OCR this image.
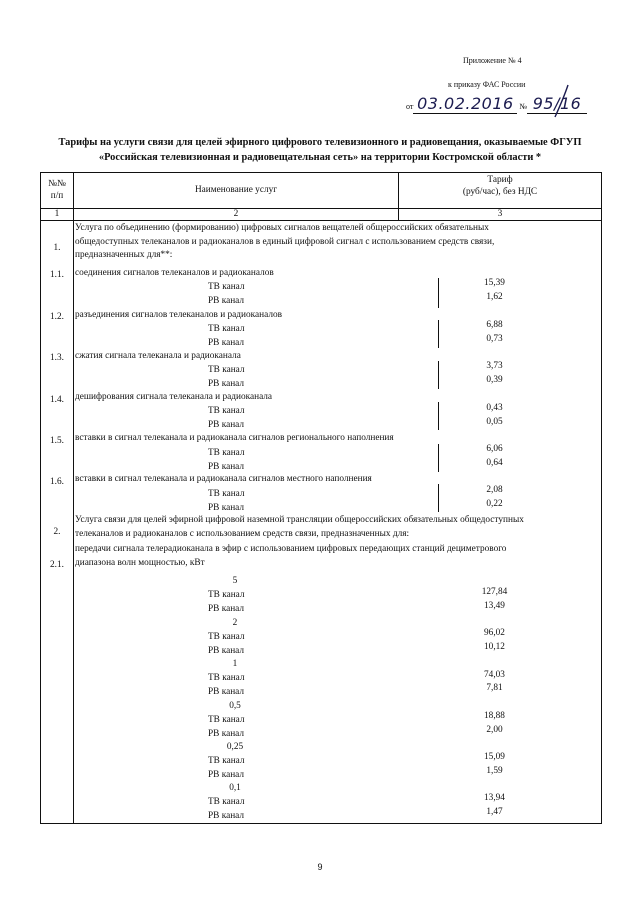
Приложение № 4
к приказу ФАС России
от 03.02.2016 № 95/16
Тарифы на услуги связи для целей эфирного цифрового телевизионного и радиовещания, оказываемые ФГУП
«Российская телевизионная и радиовещательная сеть» на территории Костромской области *
№№
п/п
Наименование услуг
Тариф
(руб/час), без НДС
1	2	3
1.
Услуга по объединению (формированию) цифровых сигналов вещателей общероссийских обязательных
общедоступных телеканалов и радиоканалов в единый цифровой сигнал с использованием средств связи,
предназначенных для**:
1.1.	соединения сигналов телеканалов и радиоканалов
ТВ канал	15,39
РВ канал	1,62
1.2.	разъединения сигналов телеканалов и радиоканалов
ТВ канал	6,88
РВ канал	0,73
1.3.	сжатия сигнала телеканала и радиоканала
ТВ канал	3,73
РВ канал	0,39
1.4.	дешифрования сигнала телеканала и радиоканала
ТВ канал	0,43
РВ канал	0,05
1.5.	вставки в сигнал телеканала и радиоканала сигналов регионального наполнения
ТВ канал	6,06
РВ канал	0,64
1.6.	вставки в сигнал телеканала и радиоканала сигналов местного наполнения
ТВ канал	2,08
РВ канал	0,22
2.
Услуга связи для целей эфирной цифровой наземной трансляции общероссийских обязательных общедоступных
телеканалов и радиоканалов с использованием средств связи, предназначенных для:
2.1.
передачи сигнала телерадиоканала в эфир с использованием цифровых передающих станций дециметрового
диапазона волн мощностью, кВт
5
ТВ канал	127,84
РВ канал	13,49
2
ТВ канал	96,02
РВ канал	10,12
1
ТВ канал	74,03
РВ канал	7,81
0,5
ТВ канал	18,88
РВ канал	2,00
0,25
ТВ канал	15,09
РВ канал	1,59
0,1
ТВ канал	13,94
РВ канал	1,47
9
